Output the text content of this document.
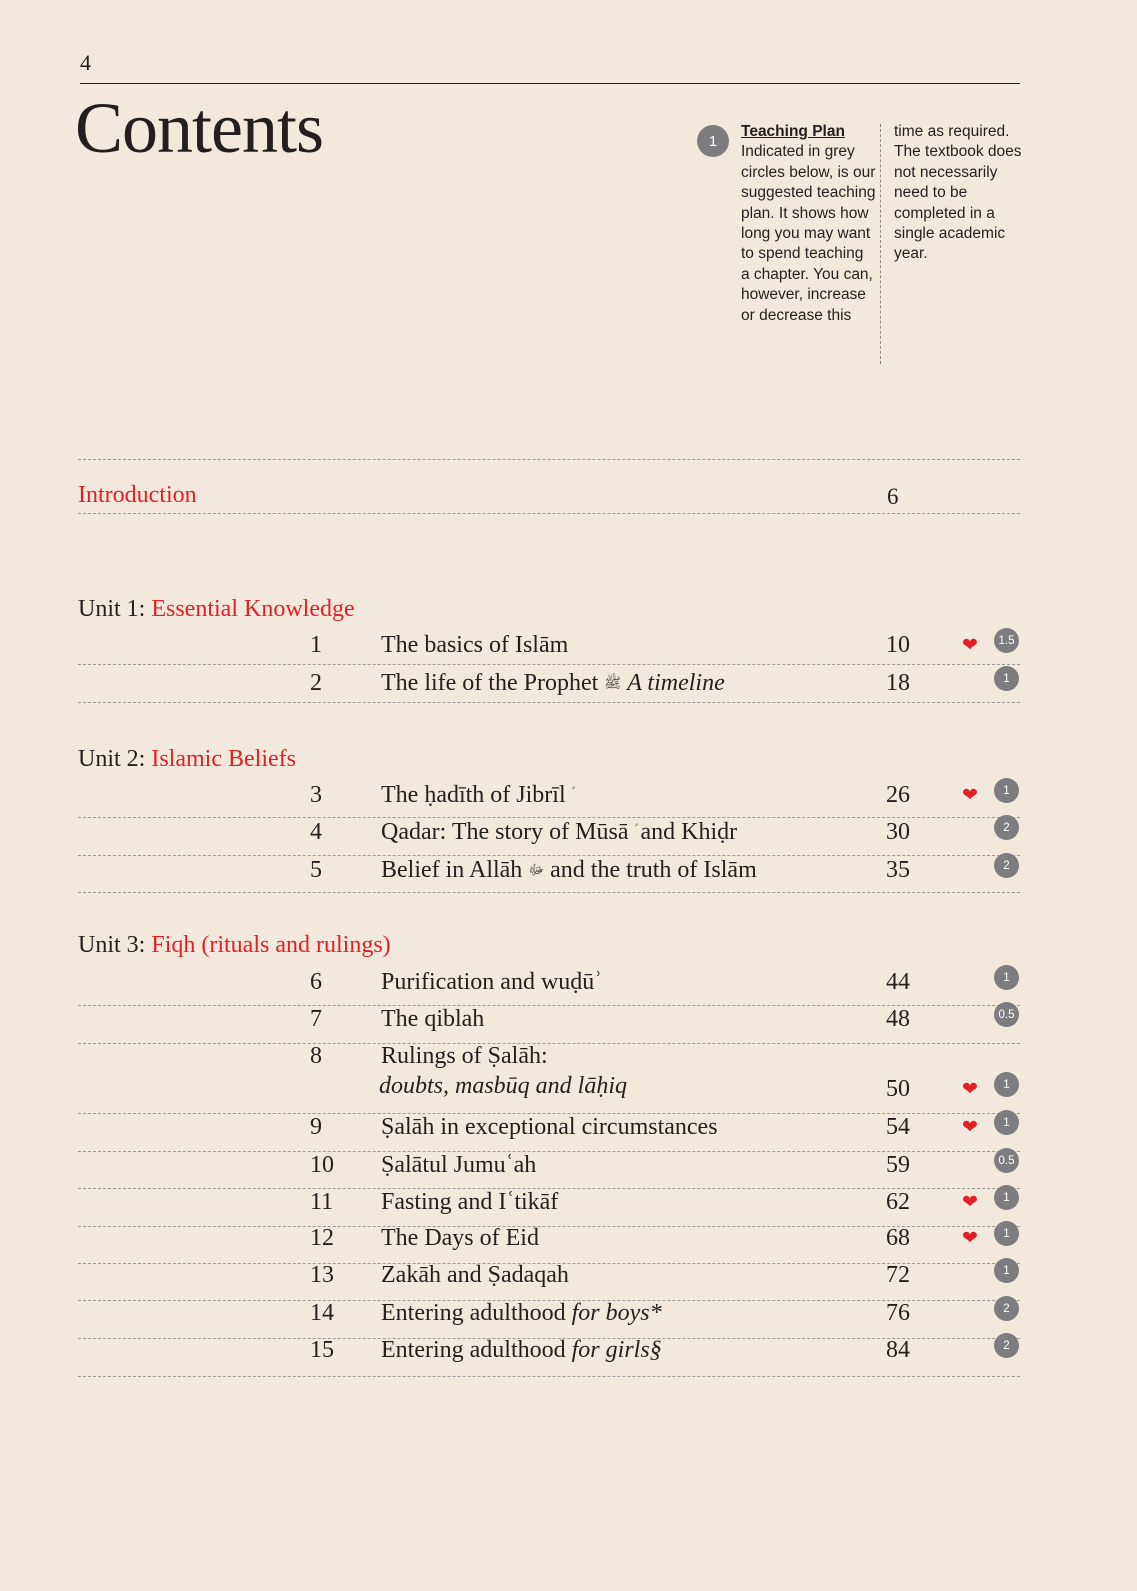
4
Contents	1
Teaching Plan
Indicated in grey circles below, is our suggested teaching plan. It shows how long you may want to spend teaching a chapter. You can, however, increase or decrease this
time as required. The textbook does not necessarily need to be completed in a single academic year.
Introduction	6
Unit 1: Essential Knowledge
Unit 2: Islamic Beliefs
Unit 3: Fiqh (rituals and rulings)
1 The basics of Islām	10	❤	1.5
2 The life of the Prophet ﷺ A timeline	18	1
3 The ḥadīth of Jibrīl	26	❤	1
4 Qadar: The story of Mūsā and Khiḍr	30	2
5 Belief in Allāh ﷻ and the truth of Islām	35	2
6 Purification and wuḍūʾ	44	1
7 The qiblah	48	0.5
8 Rulings of Ṣalāh:
doubts, masbūq and lāḥiq	50	❤	1
9 Ṣalāh in exceptional circumstances	54	❤	1
10 Ṣalātul Jumuʿah	59	0.5
11 Fasting and Iʿtikāf	62	❤	1
12 The Days of Eid	68	❤	1
13 Zakāh and Ṣadaqah	72	1
14 Entering adulthood for boys*	76	2
15 Entering adulthood for girls§	84	2
